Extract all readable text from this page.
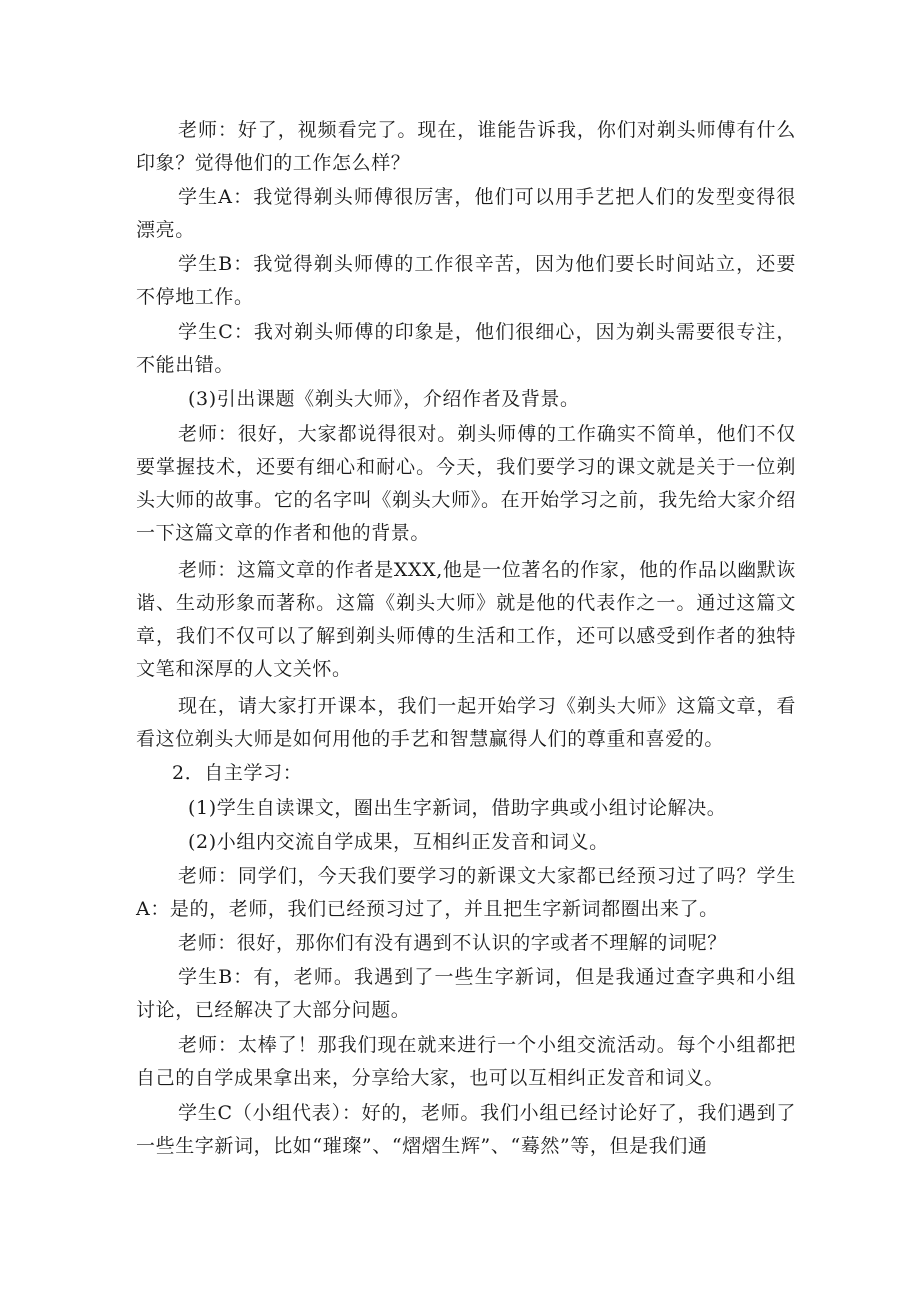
老师：好了，视频看完了。现在，谁能告诉我，你们对剃头师傅有什么印象？觉得他们的工作怎么样？

学生A：我觉得剃头师傅很厉害，他们可以用手艺把人们的发型变得很漂亮。

学生B：我觉得剃头师傅的工作很辛苦，因为他们要长时间站立，还要不停地工作。

学生C：我对剃头师傅的印象是，他们很细心，因为剃头需要很专注，不能出错。

(3)引出课题《剃头大师》，介绍作者及背景。

老师：很好，大家都说得很对。剃头师傅的工作确实不简单，他们不仅要掌握技术，还要有细心和耐心。今天，我们要学习的课文就是关于一位剃头大师的故事。它的名字叫《剃头大师》。在开始学习之前，我先给大家介绍一下这篇文章的作者和他的背景。

老师：这篇文章的作者是XXX,他是一位著名的作家，他的作品以幽默诙谐、生动形象而著称。这篇《剃头大师》就是他的代表作之一。通过这篇文章，我们不仅可以了解到剃头师傅的生活和工作，还可以感受到作者的独特文笔和深厚的人文关怀。

现在，请大家打开课本，我们一起开始学习《剃头大师》这篇文章，看看这位剃头大师是如何用他的手艺和智慧赢得人们的尊重和喜爱的。

2．自主学习：

(1)学生自读课文，圈出生字新词，借助字典或小组讨论解决。

(2)小组内交流自学成果，互相纠正发音和词义。

老师：同学们，今天我们要学习的新课文大家都已经预习过了吗？学生A：是的，老师，我们已经预习过了，并且把生字新词都圈出来了。

老师：很好，那你们有没有遇到不认识的字或者不理解的词呢？

学生B：有，老师。我遇到了一些生字新词，但是我通过查字典和小组讨论，已经解决了大部分问题。

老师：太棒了！那我们现在就来进行一个小组交流活动。每个小组都把自己的自学成果拿出来，分享给大家，也可以互相纠正发音和词义。

学生C（小组代表）：好的，老师。我们小组已经讨论好了，我们遇到了一些生字新词，比如“璀璨”、“熠熠生辉”、“蓦然”等，但是我们通
